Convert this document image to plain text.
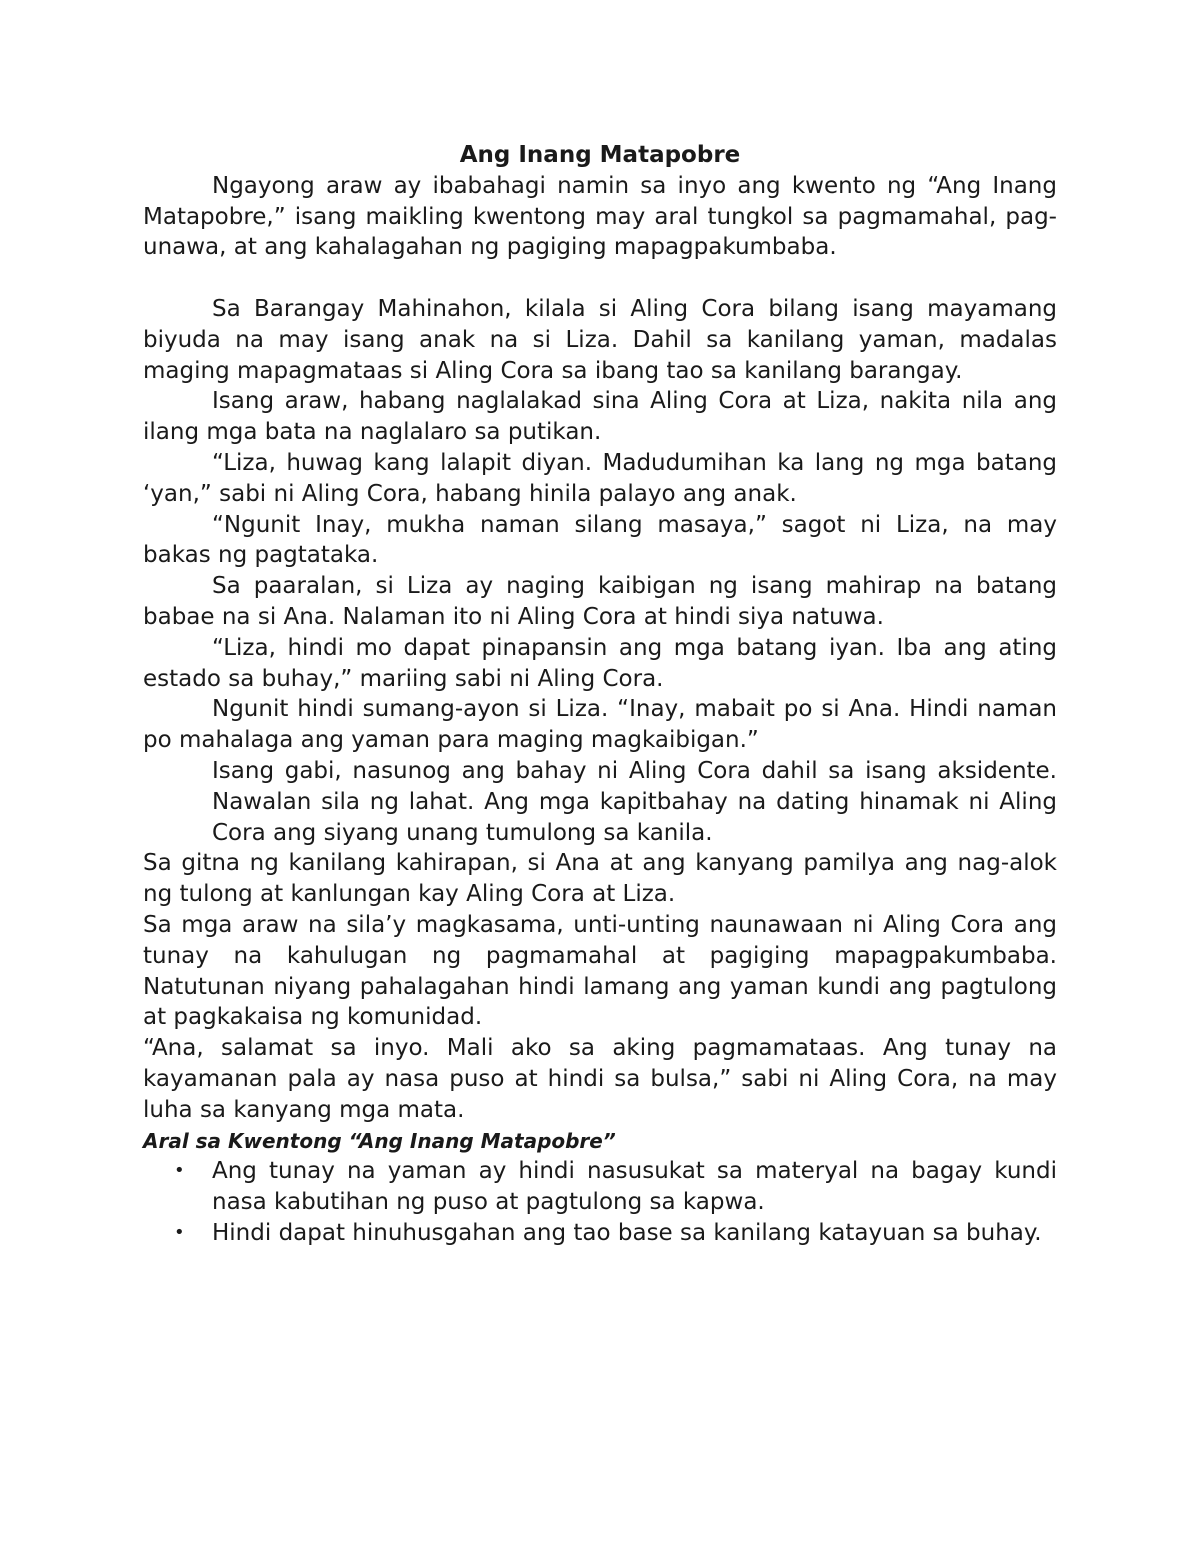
Ang Inang Matapobre

Ngayong araw ay ibabahagi namin sa inyo ang kwento ng “Ang Inang Matapobre,” isang maikling kwentong may aral tungkol sa pagmamahal, pag-unawa, at ang kahalagahan ng pagiging mapagpakumbaba.

Sa Barangay Mahinahon, kilala si Aling Cora bilang isang mayamang biyuda na may isang anak na si Liza. Dahil sa kanilang yaman, madalas maging mapagmataas si Aling Cora sa ibang tao sa kanilang barangay.

Isang araw, habang naglalakad sina Aling Cora at Liza, nakita nila ang ilang mga bata na naglalaro sa putikan.

“Liza, huwag kang lalapit diyan. Madudumihan ka lang ng mga batang ‘yan,” sabi ni Aling Cora, habang hinila palayo ang anak.

“Ngunit Inay, mukha naman silang masaya,” sagot ni Liza, na may bakas ng pagtataka.

Sa paaralan, si Liza ay naging kaibigan ng isang mahirap na batang babae na si Ana. Nalaman ito ni Aling Cora at hindi siya natuwa.

“Liza, hindi mo dapat pinapansin ang mga batang iyan. Iba ang ating estado sa buhay,” mariing sabi ni Aling Cora.

Ngunit hindi sumang-ayon si Liza. “Inay, mabait po si Ana. Hindi naman po mahalaga ang yaman para maging magkaibigan.”

Isang gabi, nasunog ang bahay ni Aling Cora dahil sa isang aksidente. Nawalan sila ng lahat. Ang mga kapitbahay na dating hinamak ni Aling Cora ang siyang unang tumulong sa kanila.

Sa gitna ng kanilang kahirapan, si Ana at ang kanyang pamilya ang nag-alok ng tulong at kanlungan kay Aling Cora at Liza.

Sa mga araw na sila’y magkasama, unti-unting naunawaan ni Aling Cora ang tunay na kahulugan ng pagmamahal at pagiging mapagpakumbaba. Natutunan niyang pahalagahan hindi lamang ang yaman kundi ang pagtulong at pagkakaisa ng komunidad.

“Ana, salamat sa inyo. Mali ako sa aking pagmamataas. Ang tunay na kayamanan pala ay nasa puso at hindi sa bulsa,” sabi ni Aling Cora, na may luha sa kanyang mga mata.

Aral sa Kwentong “Ang Inang Matapobre”
• Ang tunay na yaman ay hindi nasusukat sa materyal na bagay kundi nasa kabutihan ng puso at pagtulong sa kapwa.
• Hindi dapat hinuhusgahan ang tao base sa kanilang katayuan sa buhay.
